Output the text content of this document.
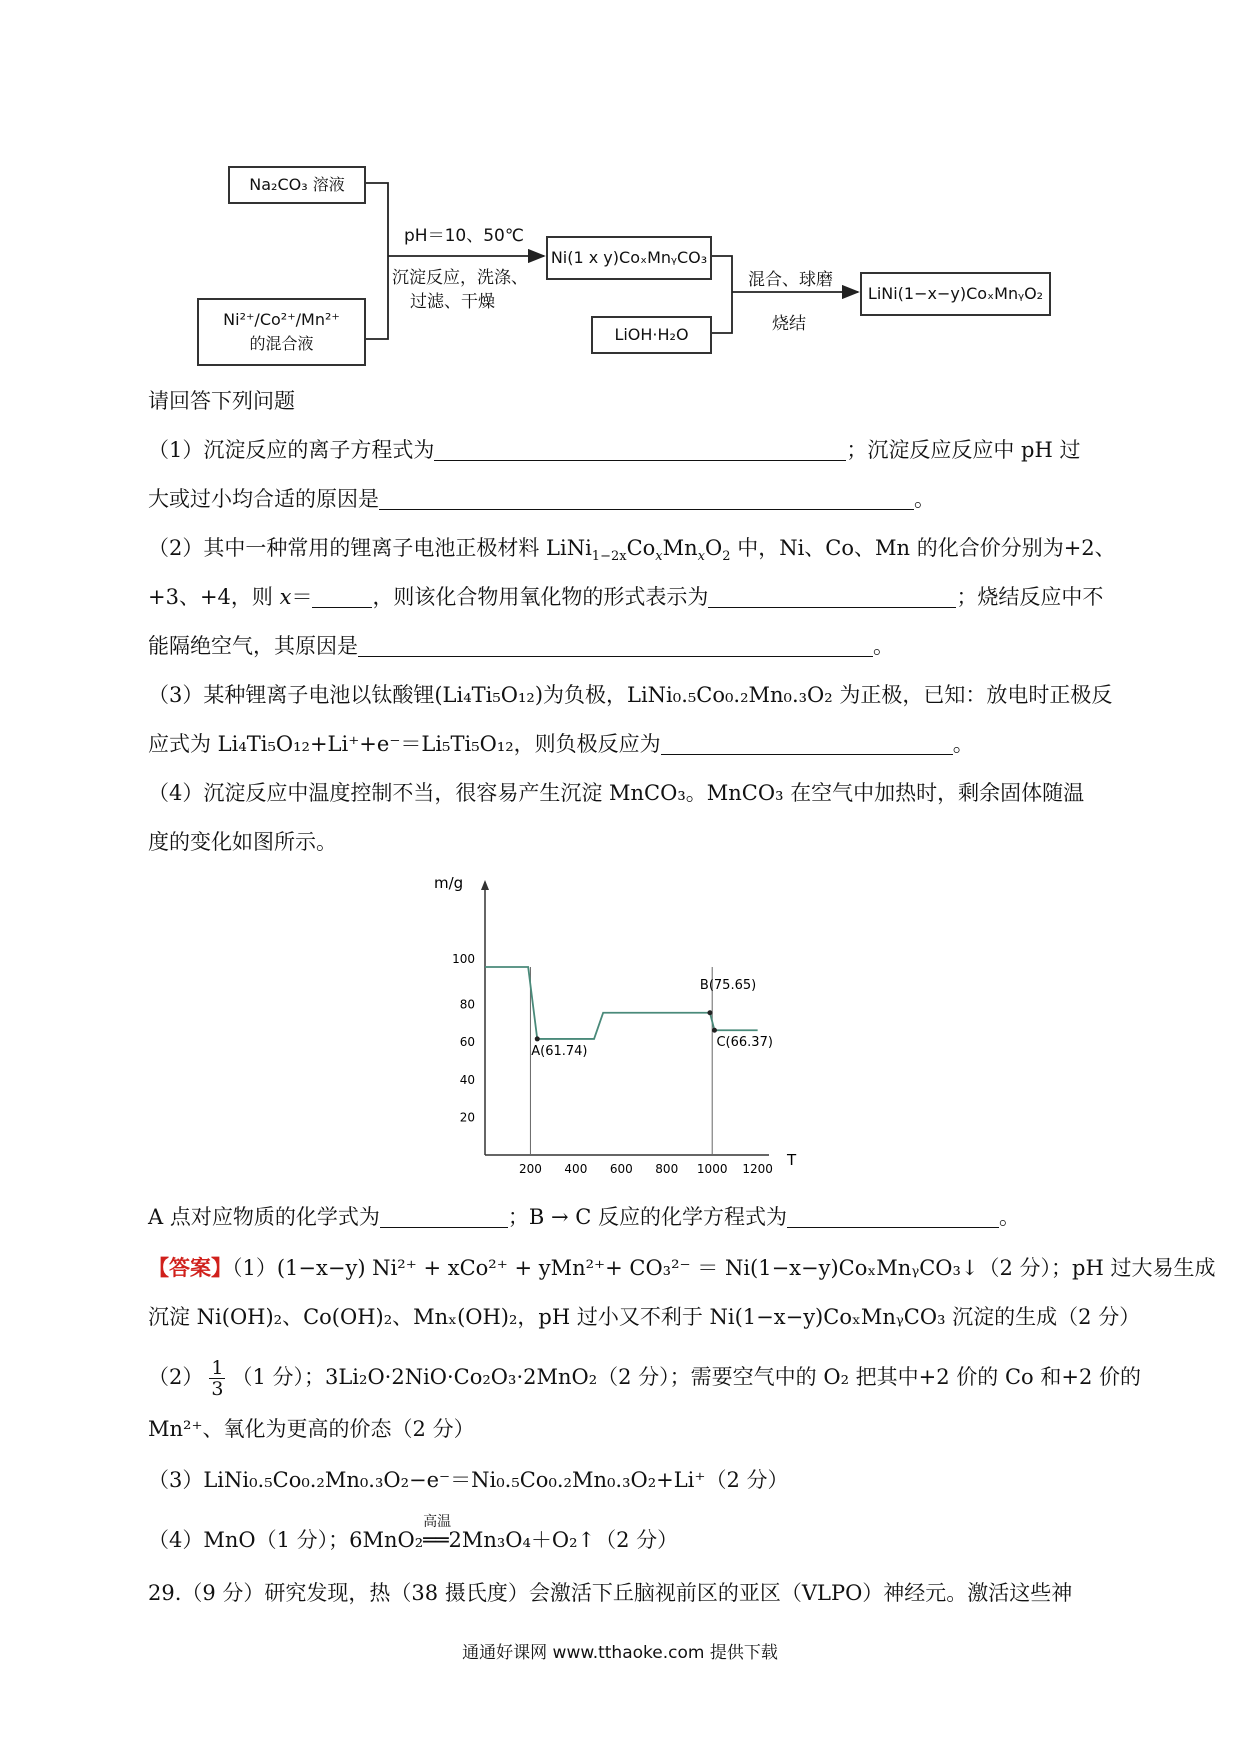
Na₂CO₃ 溶液
Ni²⁺/Co²⁺/Mn²⁺
的混合液
Ni(1 x y)CoₓMnᵧCO₃
LiOH·H₂O
LiNi(1−x−y)CoₓMnᵧO₂
pH＝10、50℃
沉淀反应，洗涤、
过滤、干燥
混合、球磨
烧结
请回答下列问题
（1）沉淀反应的离子方程式为	；沉淀反应反应中 pH 过
大或过小均合适的原因是	。
（2）其中一种常用的锂离子电池正极材料 $LiNi_{1-2x}Co_xMn_xO_2$ 中，Ni、Co、Mn 的化合价分别为+2、
+3、+4，则 x＝	，则该化合物用氧化物的形式表示为	；烧结反应中不
能隔绝空气，其原因是	。
（3）某种锂离子电池以钛酸锂(Li₄Ti₅O₁₂)为负极，LiNi₀.₅Co₀.₂Mn₀.₃O₂ 为正极，已知：放电时正极反
应式为 Li₄Ti₅O₁₂+Li⁺+e⁻＝Li₅Ti₅O₁₂，则负极反应为	。
（4）沉淀反应中温度控制不当，很容易产生沉淀 MnCO₃。MnCO₃ 在空气中加热时，剩余固体随温
度的变化如图所示。
m/g
T
100
80
60
40
20
200 400 600 800 1000 1200
A(61.74)
B(75.65)
C(66.37)
A 点对应物质的化学式为	；B → C 反应的化学方程式为	。
【答案】（1）(1−x−y) Ni²⁺ + xCo²⁺ + yMn²⁺+ CO₃²⁻ ＝ Ni(1−x−y)CoₓMnᵧCO₃↓（2 分）；pH 过大易生成
沉淀 Ni(OH)₂、Co(OH)₂、Mnₓ(OH)₂，pH 过小又不利于 Ni(1−x−y)CoₓMnᵧCO₃ 沉淀的生成（2 分）
$(2) \frac{1}{3} (1$ 分）；3Li₂O·2NiO·Co₂O₃·2MnO₂（2 分）；需要空气中的 O₂ 把其中+2 价的 Co 和+2 价的
Mn²⁺、氧化为更高的价态（2 分）
（3）LiNi₀.₅Co₀.₂Mn₀.₃O₂−e⁻＝Ni₀.₅Co₀.₂Mn₀.₃O₂+Li⁺（2 分）
（4）MnO（1 分）；6MnO₂
高温
══2Mn₃O₄＋O₂↑（2 分）
29.（9 分）研究发现，热（38 摄氏度）会激活下丘脑视前区的亚区（VLPO）神经元。激活这些神
通通好课网 www.tthaoke.com 提供下载
